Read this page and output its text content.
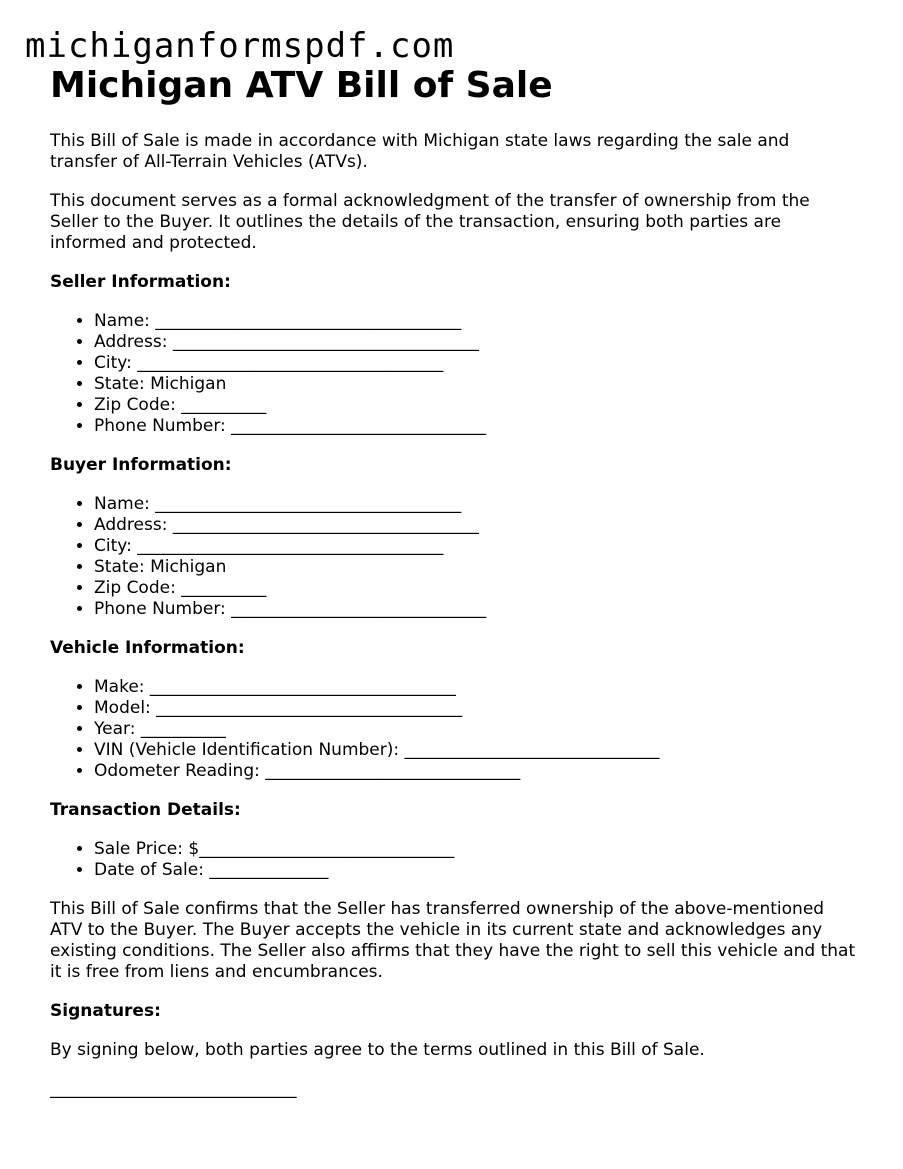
michiganformspdf.com
Michigan ATV Bill of Sale

This Bill of Sale is made in accordance with Michigan state laws regarding the sale and transfer of All-Terrain Vehicles (ATVs).

This document serves as a formal acknowledgment of the transfer of ownership from the Seller to the Buyer. It outlines the details of the transaction, ensuring both parties are informed and protected.

Seller Information:
• Name: ____________________________________
• Address: ____________________________________
• City: ____________________________________
• State: Michigan
• Zip Code: __________
• Phone Number: ______________________________
Buyer Information:
• Name: ____________________________________
• Address: ____________________________________
• City: ____________________________________
• State: Michigan
• Zip Code: __________
• Phone Number: ______________________________
Vehicle Information:
• Make: ____________________________________
• Model: ____________________________________
• Year: __________
• VIN (Vehicle Identification Number): ______________________________
• Odometer Reading: ______________________________
Transaction Details:
• Sale Price: $______________________________
• Date of Sale: ______________

This Bill of Sale confirms that the Seller has transferred ownership of the above-mentioned ATV to the Buyer. The Buyer accepts the vehicle in its current state and acknowledges any existing conditions. The Seller also affirms that they have the right to sell this vehicle and that it is free from liens and encumbrances.

Signatures:

By signing below, both parties agree to the terms outlined in this Bill of Sale.

_____________________________
